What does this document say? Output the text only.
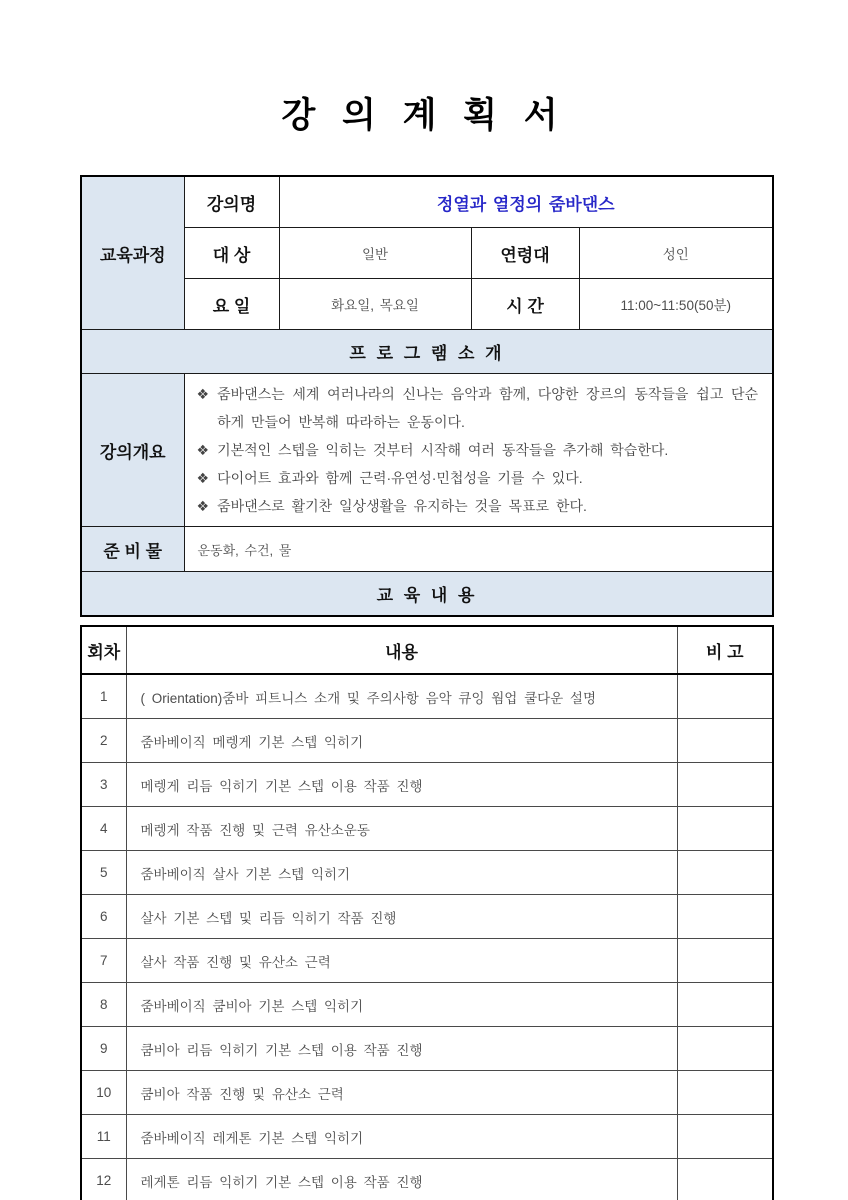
강 의 계 획 서
교육과정	강의명	정열과 열정의 줌바댄스		
	대 상	일반	연령대	성인
	요 일	화요일, 목요일	시 간	11:00~11:50(50분)
프 로 그 램 소 개				
강의개요	
❖ 줌바댄스는 세계 여러나라의 신나는 음악과 함께, 다양한 장르의 동작들을 쉽고 단순하게 만들어 반복해 따라하는 운동이다.
❖ 기본적인 스텝을 익히는 것부터 시작해 여러 동작들을 추가해 학습한다.
❖ 다이어트 효과와 함께 근력·유연성·민첩성을 기를 수 있다.
❖ 줌바댄스로 활기찬 일상생활을 유지하는 것을 목표로 한다.

준 비 물	운동화, 수건, 물			
교 육 내 용				
회차	내용	비 고
1	( Orientation)줌바 피트니스 소개 및 주의사항 음악 큐잉 웜업 쿨다운 설명	
2	줌바베이직 메렝게 기본 스텝 익히기	
3	메렝게 리듬 익히기 기본 스텝 이용 작품 진행	
4	메렝게 작품 진행 및 근력 유산소운동	
5	줌바베이직 살사 기본 스텝 익히기	
6	살사 기본 스텝 및 리듬 익히기 작품 진행	
7	살사 작품 진행 및 유산소 근력	
8	줌바베이직 쿰비아 기본 스텝 익히기	
9	쿰비아 리듬 익히기 기본 스텝 이용 작품 진행	
10	쿰비아 작품 진행 및 유산소 근력	
11	줌바베이직 레게톤 기본 스텝 익히기	
12	레게톤 리듬 익히기 기본 스텝 이용 작품 진행	
